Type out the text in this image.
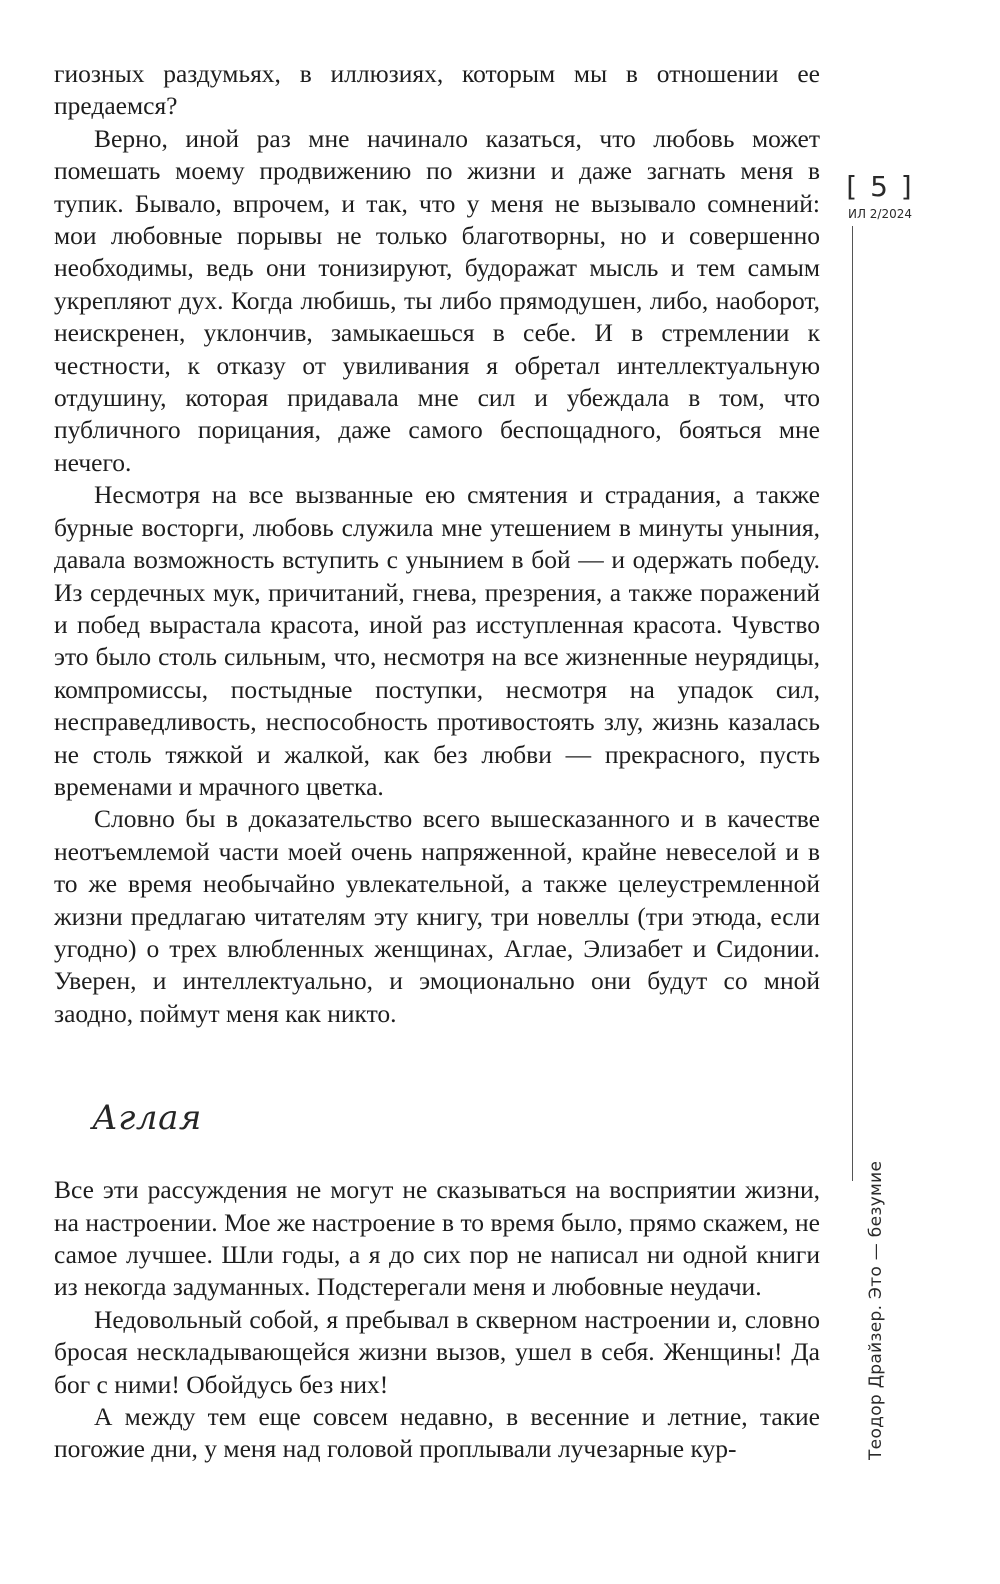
гиозных раздумьях, в иллюзиях, которым мы в отношении ее предаемся?

Верно, иной раз мне начинало казаться, что любовь может помешать моему продвижению по жизни и даже загнать меня в тупик. Бывало, впрочем, и так, что у меня не вызывало сомнений: мои любовные порывы не только благотворны, но и совершенно необходимы, ведь они тонизируют, будоражат мысль и тем самым укрепляют дух. Когда любишь, ты либо прямодушен, либо, наоборот, неискренен, уклончив, замыкаешься в себе. И в стремлении к честности, к отказу от увиливания я обретал интеллектуальную отдушину, которая придавала мне сил и убеждала в том, что публичного порицания, даже самого беспощадного, бояться мне нечего.

Несмотря на все вызванные ею смятения и страдания, а также бурные восторги, любовь служила мне утешением в минуты уныния, давала возможность вступить с унынием в бой — и одержать победу. Из сердечных мук, причитаний, гнева, презрения, а также поражений и побед вырастала красота, иной раз исступленная красота. Чувство это было столь сильным, что, несмотря на все жизненные неурядицы, компромиссы, постыдные поступки, несмотря на упадок сил, несправедливость, неспособность противостоять злу, жизнь казалась не столь тяжкой и жалкой, как без любви — прекрасного, пусть временами и мрачного цветка.

Словно бы в доказательство всего вышесказанного и в качестве неотъемлемой части моей очень напряженной, крайне невеселой и в то же время необычайно увлекательной, а также целеустремленной жизни предлагаю читателям эту книгу, три новеллы (три этюда, если угодно) о трех влюбленных женщинах, Аглае, Элизабет и Сидонии. Уверен, и интеллектуально, и эмоционально они будут со мной заодно, поймут меня как никто.

Аглая

Все эти рассуждения не могут не сказываться на восприятии жизни, на настроении. Мое же настроение в то время было, прямо скажем, не самое лучшее. Шли годы, а я до сих пор не написал ни одной книги из некогда задуманных. Подстерегали меня и любовные неудачи.

Недовольный собой, я пребывал в скверном настроении и, словно бросая нескладывающейся жизни вызов, ушел в себя. Женщины! Да бог с ними! Обойдусь без них!

А между тем еще совсем недавно, в весенние и летние, такие погожие дни, у меня над головой проплывали лучезарные кур-

[ 5 ]
ИЛ 2/2024
Теодор Драйзер. Это — безумие
